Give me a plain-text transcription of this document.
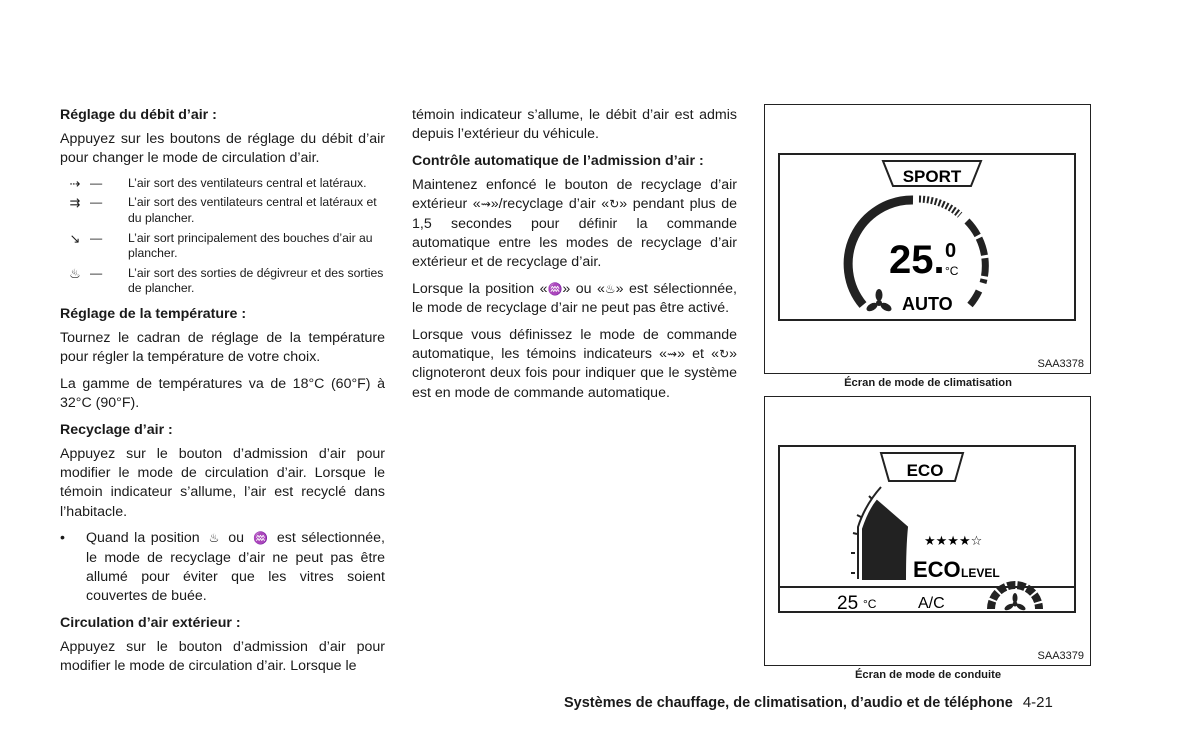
Réglage du débit d’air :

Appuyez sur les boutons de réglage du débit d’air pour changer le mode de circulation d’air.

⇢ —	L’air sort des ventilateurs central et latéraux.
⇉ —	L’air sort des ventilateurs central et latéraux et du plancher.
↘ —	L’air sort principalement des bouches d’air au plancher.
♨ —	L’air sort des sorties de dégivreur et des sorties de plancher.
Réglage de la température :

Tournez le cadran de réglage de la température pour régler la température de votre choix.

La gamme de températures va de 18°C (60°F) à 32°C (90°F).

Recyclage d’air :

Appuyez sur le bouton d’admission d’air pour modifier le mode de circulation d’air. Lorsque le témoin indicateur s’allume, l’air est recyclé dans l’habitacle.

•	Quand la position  ♨  ou  ♒  est sélectionnée, le mode de recyclage d’air ne peut pas être allumé pour éviter que les vitres soient couvertes de buée.
Circulation d’air extérieur :

Appuyez sur le bouton d’admission d’air pour modifier le mode de circulation d’air. Lorsque le

témoin indicateur s’allume, le débit d’air est admis depuis l’extérieur du véhicule.

Contrôle automatique de l’admission d’air :

Maintenez enfoncé le bouton de recyclage d’air extérieur «⇝»/recyclage d’air «↻» pendant plus de 1,5 secondes pour définir la commande automatique entre les modes de recyclage d’air extérieur et de recyclage d’air.

Lorsque la position «♒» ou «♨» est sélectionnée, le mode de recyclage d’air ne peut pas être activé.

Lorsque vous définissez le mode de commande automatique, les témoins indicateurs «⇝» et «↻» clignoteront deux fois pour indiquer que le système est en mode de commande automatique.

SPORT
25. 0
°C
AUTO
SAA3378
Écran de mode de climatisation
ECO
★★★★☆
ECO LEVEL
25 °C	A/C
SAA3379
Écran de mode de conduite
Systèmes de chauffage, de climatisation, d’audio et de téléphone 4-21
